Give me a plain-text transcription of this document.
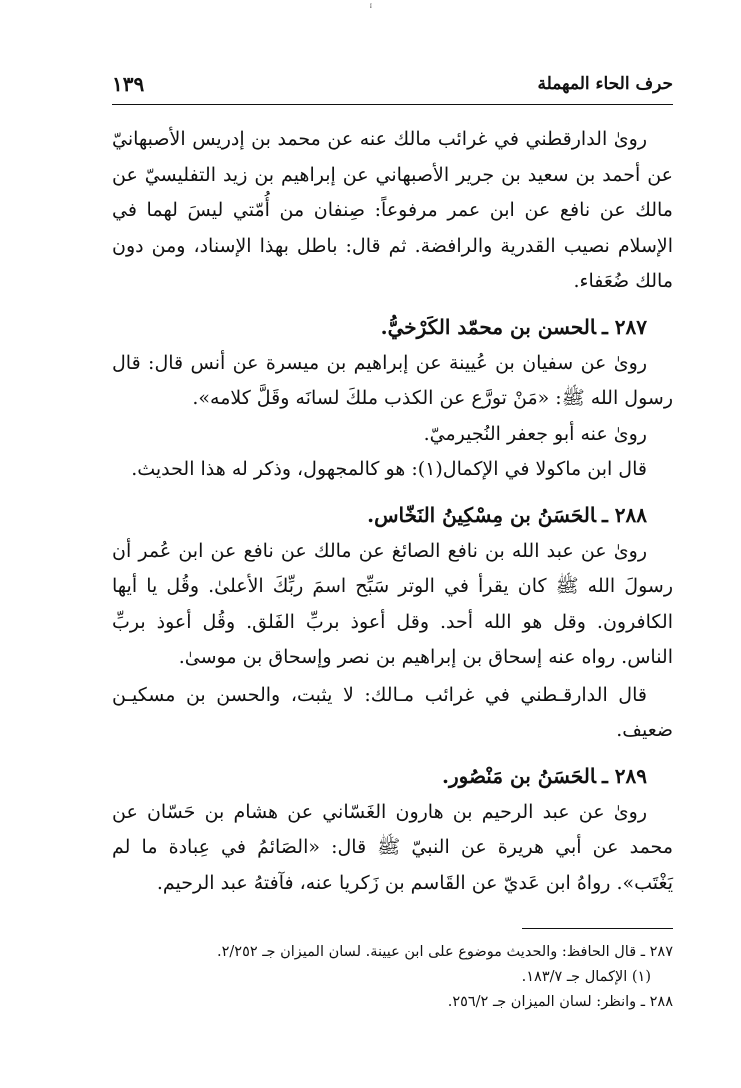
ٔ ٔ
حرف الحاء المهملة
١٣٩

روىٰ الدارقطني في غرائب مالك عنه عن محمد بن إدريس الأصبهانيّ عن أحمد بن سعيد بن جرير الأصبهاني عن إبراهيم بن زيد التفليسيّ عن مالك عن نافع عن ابن عمر مرفوعاً: صِنفان من أُمّتي ليسَ لهما في الإسلام نصيب القدرية والرافضة. ثم قال: باطل بهذا الإسناد، ومن دون مالك ضُعَفاء.

٢٨٧ ـالحسن بن محمّد الكَرْخيُّ.

روىٰ عن سفيان بن عُيينة عن إبراهيم بن ميسرة عن أنس قال: قال رسول الله ﷺ: «مَنْ تورَّع عن الكذب ملكَ لسانَه وقَلَّ كلامه».

روىٰ عنه أبو جعفر النُجيرميّ.

قال ابن ماكولا في الإكمال(١): هو كالمجهول، وذكر له هذا الحديث.

٢٨٨ ـالحَسَنُ بن مِسْكِينُ النَخّاس.

روىٰ عن عبد الله بن نافع الصائغ عن مالك عن نافع عن ابن عُمر أن رسولَ الله ﷺ كان يقرأ في الوتر سَبِّح اسمَ ربِّكَ الأعلىٰ. وقُل يا أيها الكافرون. وقل هو الله أحد. وقل أعوذ بربِّ الفَلق. وقُل أعوذ بربِّ الناس. رواه عنه إسحاق بن إبراهيم بن نصر وإسحاق بن موسىٰ.

قال الدارقـطني في غرائب مـالك: لا يثبت، والحسن بن مسكيـن ضعيف.

٢٨٩ ـالحَسَنُ بن مَنْصُور.

روىٰ عن عبد الرحيم بن هارون الغَسّاني عن هشام بن حَسّان عن محمد عن أبي هريرة عن النبيّ ﷺ قال: «الصَائمُ في عِبادة ما لم يَغْتَب». رواهُ ابن عَديّ عن القَاسم بن زَكريا عنه، فآفتهُ عبد الرحيم.

٢٨٧ ـ قال الحافظ: والحديث موضوع على ابن عيينة. لسان الميزان جـ ٢/٢٥٢.

(١) الإكمال جـ ١٨٣/٧.

٢٨٨ ـ وانظر: لسان الميزان جـ ٢٥٦/٢.
